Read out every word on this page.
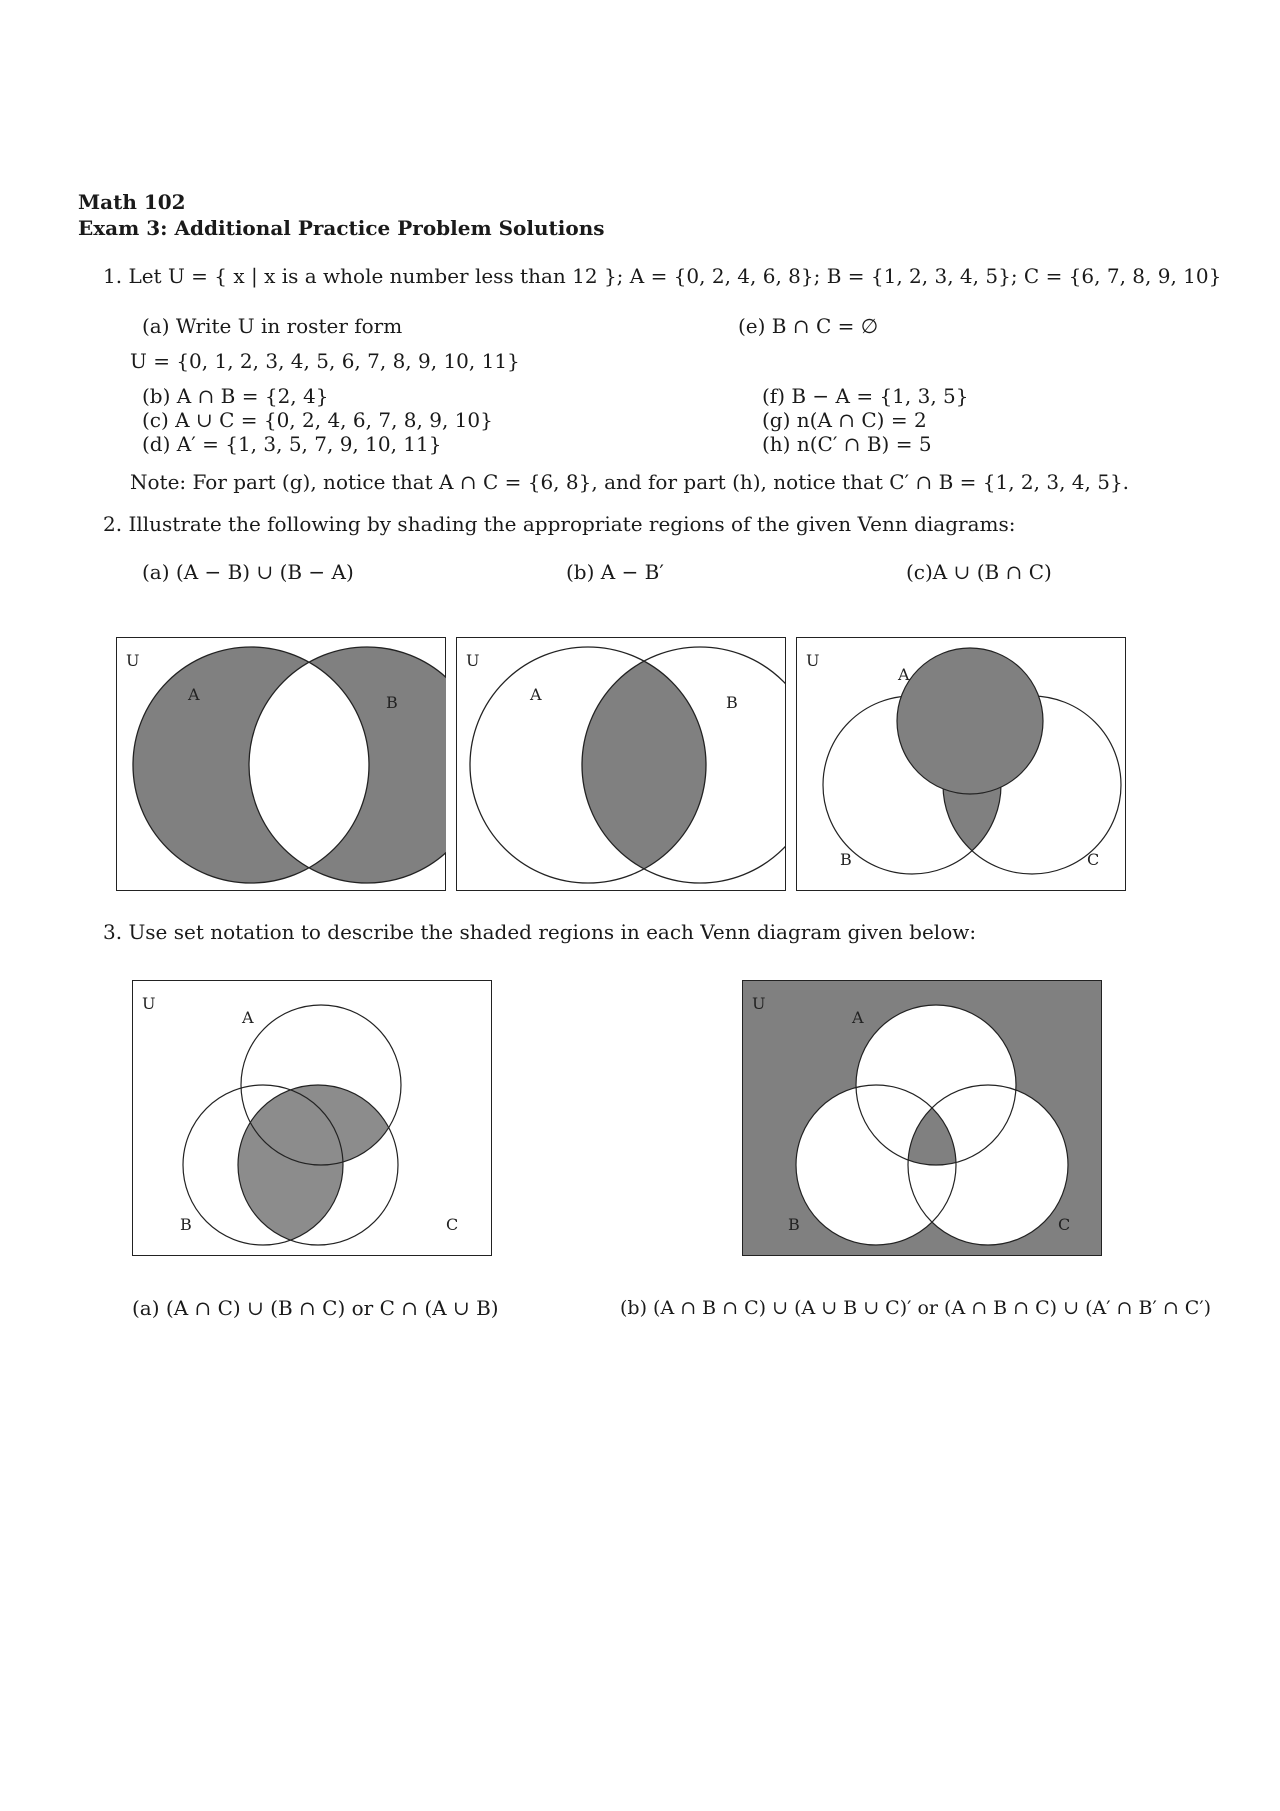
Math 102
Exam 3: Additional Practice Problem Solutions
1. Let U = { x | x is a whole number less than 12 }; A = {0, 2, 4, 6, 8}; B = {1, 2, 3, 4, 5}; C = {6, 7, 8, 9, 10}
(a) Write U in roster form	(e) B ∩ C = ∅
U = {0, 1, 2, 3, 4, 5, 6, 7, 8, 9, 10, 11}
(b) A ∩ B = {2, 4}
(c) A ∪ C = {0, 2, 4, 6, 7, 8, 9, 10}
(d) A′ = {1, 3, 5, 7, 9, 10, 11}
(f) B − A = {1, 3, 5}
(g) n(A ∩ C) = 2
(h) n(C′ ∩ B) = 5
Note: For part (g), notice that A ∩ C = {6, 8}, and for part (h), notice that C′ ∩ B = {1, 2, 3, 4, 5}.
2. Illustrate the following by shading the appropriate regions of the given Venn diagrams:
(a) (A − B) ∪ (B − A)	(b) A − B′	(c)A ∪ (B ∩ C)
U
A	B
U
A	B
U
A
B	C
3. Use set notation to describe the shaded regions in each Venn diagram given below:
U
A
B	C
U
A
B	C
(a) (A ∩ C) ∪ (B ∩ C) or C ∩ (A ∪ B)	(b) (A ∩ B ∩ C) ∪ (A ∪ B ∪ C)′ or (A ∩ B ∩ C) ∪ (A′ ∩ B′ ∩ C′)
